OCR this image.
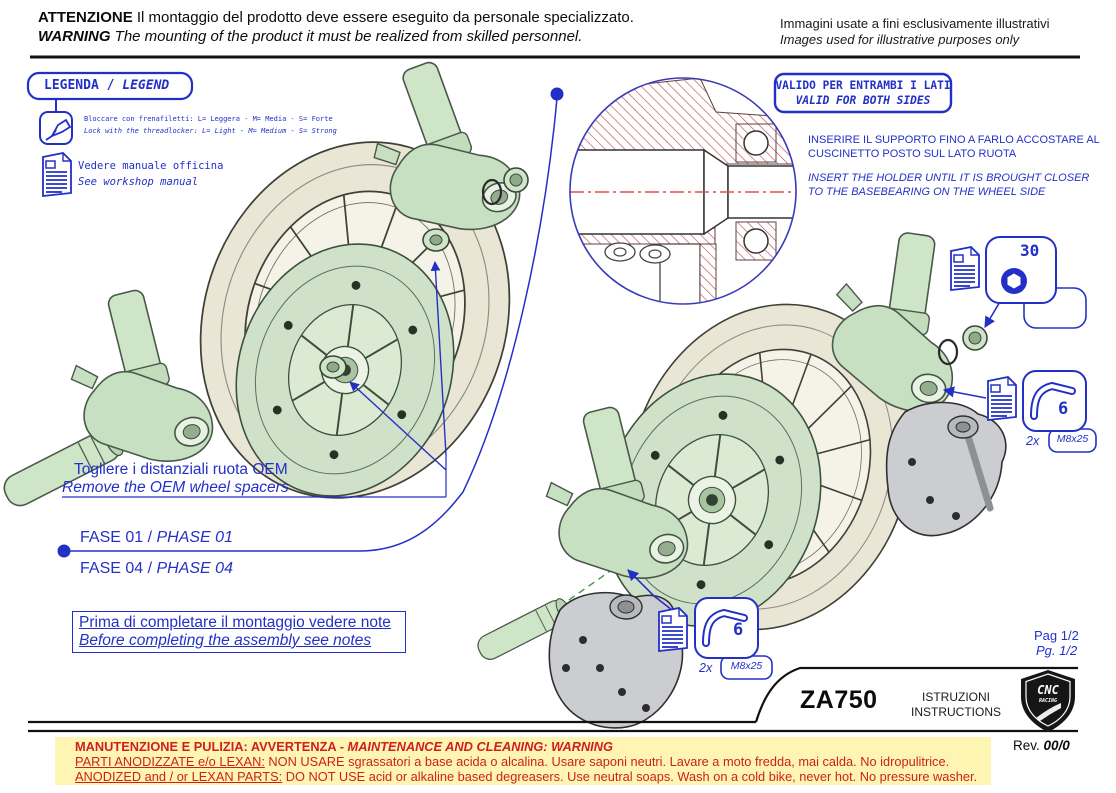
CNC
RACING
ATTENZIONE Il montaggio del prodotto deve essere eseguito da personale specializzato.
WARNING The mounting of the product it must be realized from skilled personnel.
Immagini usate a fini esclusivamente illustrativi
Images used for illustrative purposes only
LEGENDA / LEGEND
Bloccare con frenafiletti: L= Leggera - M= Media - S= Forte
Lock with the threadlocker: L= Light - M= Medium - S= Strong
Vedere manuale officina
See workshop manual
VALIDO PER ENTRAMBI I LATI
VALID FOR BOTH SIDES
INSERIRE IL SUPPORTO FINO A FARLO ACCOSTARE AL
CUSCINETTO POSTO SUL LATO RUOTA
INSERT THE HOLDER UNTIL IT IS BROUGHT CLOSER
TO THE BASEBEARING ON THE WHEEL SIDE
Togliere i distanziali ruota OEM
Remove the OEM wheel spacers
FASE 01 / PHASE 01
FASE 04 / PHASE 04
Prima di completare il montaggio vedere note
Before completing the assembly see notes
30
6
2x	M8x25
6
2x	M8x25
Pag 1/2
Pg. 1/2
ZA750	ISTRUZIONI
INSTRUCTIONS
Rev. 00/0
MANUTENZIONE E PULIZIA: AVVERTENZA - MAINTENANCE AND CLEANING: WARNING
PARTI ANODIZZATE e/o LEXAN: NON USARE sgrassatori a base acida o alcalina. Usare saponi neutri. Lavare a moto fredda, mai calda. No idropulitrice.
ANODIZED and / or LEXAN PARTS: DO NOT USE acid or alkaline based degreasers. Use neutral soaps. Wash on a cold bike, never hot. No pressure washer.
